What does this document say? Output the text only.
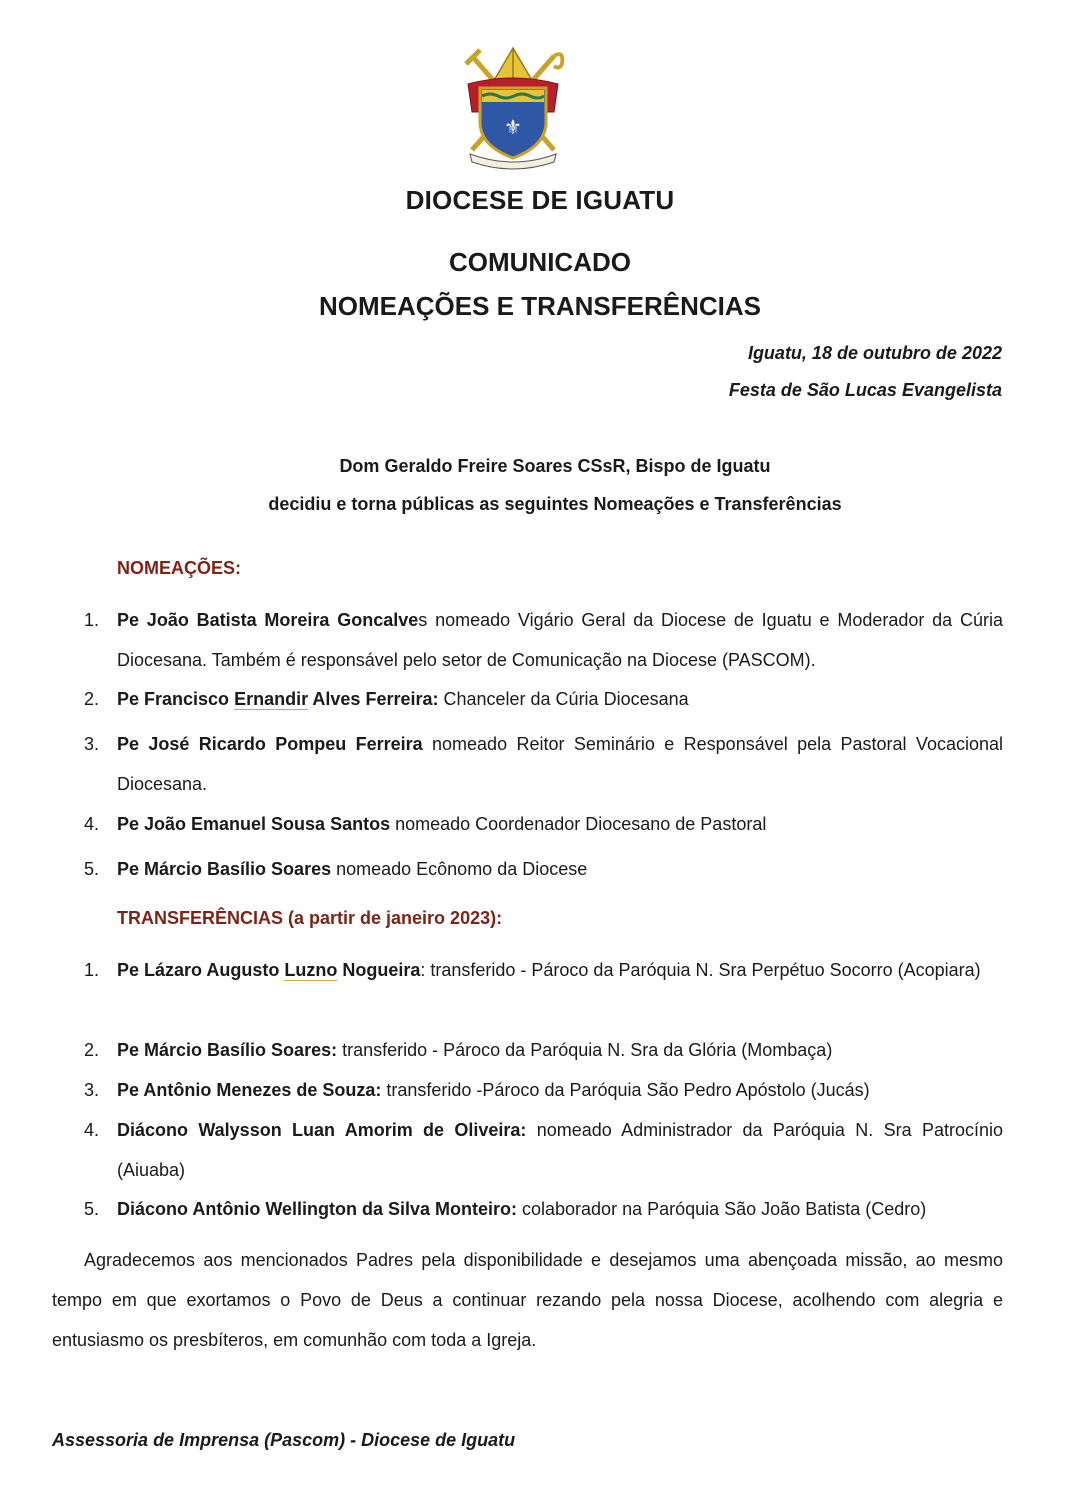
⚜
DIOCESE DE IGUATU
COMUNICADO
NOMEAÇÕES E TRANSFERÊNCIAS
Iguatu, 18 de outubro de 2022
Festa de São Lucas Evangelista
Dom Geraldo Freire Soares CSsR, Bispo de Iguatu
decidiu e torna públicas as seguintes Nomeações e Transferências
NOMEAÇÕES:
1. Pe João Batista Moreira Goncalves nomeado Vigário Geral da Diocese de Iguatu e Moderador da Cúria Diocesana. Também é responsável pelo setor de Comunicação na Diocese (PASCOM).
2. Pe Francisco Ernandir Alves Ferreira: Chanceler da Cúria Diocesana
3. Pe José Ricardo Pompeu Ferreira nomeado Reitor Seminário e Responsável pela Pastoral Vocacional Diocesana.
4. Pe João Emanuel Sousa Santos nomeado Coordenador Diocesano de Pastoral
5. Pe Márcio Basílio Soares nomeado Ecônomo da Diocese
TRANSFERÊNCIAS (a partir de janeiro 2023):
1. Pe Lázaro Augusto Luzno Nogueira: transferido - Pároco da Paróquia N. Sra Perpétuo Socorro (Acopiara)
2. Pe Márcio Basílio Soares: transferido - Pároco da Paróquia N. Sra da Glória (Mombaça)
3. Pe Antônio Menezes de Souza: transferido -Pároco da Paróquia São Pedro Apóstolo (Jucás)
4. Diácono Walysson Luan Amorim de Oliveira: nomeado Administrador da Paróquia N. Sra Patrocínio (Aiuaba)
5. Diácono Antônio Wellington da Silva Monteiro: colaborador na Paróquia São João Batista (Cedro)
Agradecemos aos mencionados Padres pela disponibilidade e desejamos uma abençoada missão, ao mesmo tempo em que exortamos o Povo de Deus a continuar rezando pela nossa Diocese, acolhendo com alegria e entusiasmo os presbíteros, em comunhão com toda a Igreja.
Assessoria de Imprensa (Pascom) - Diocese de Iguatu
